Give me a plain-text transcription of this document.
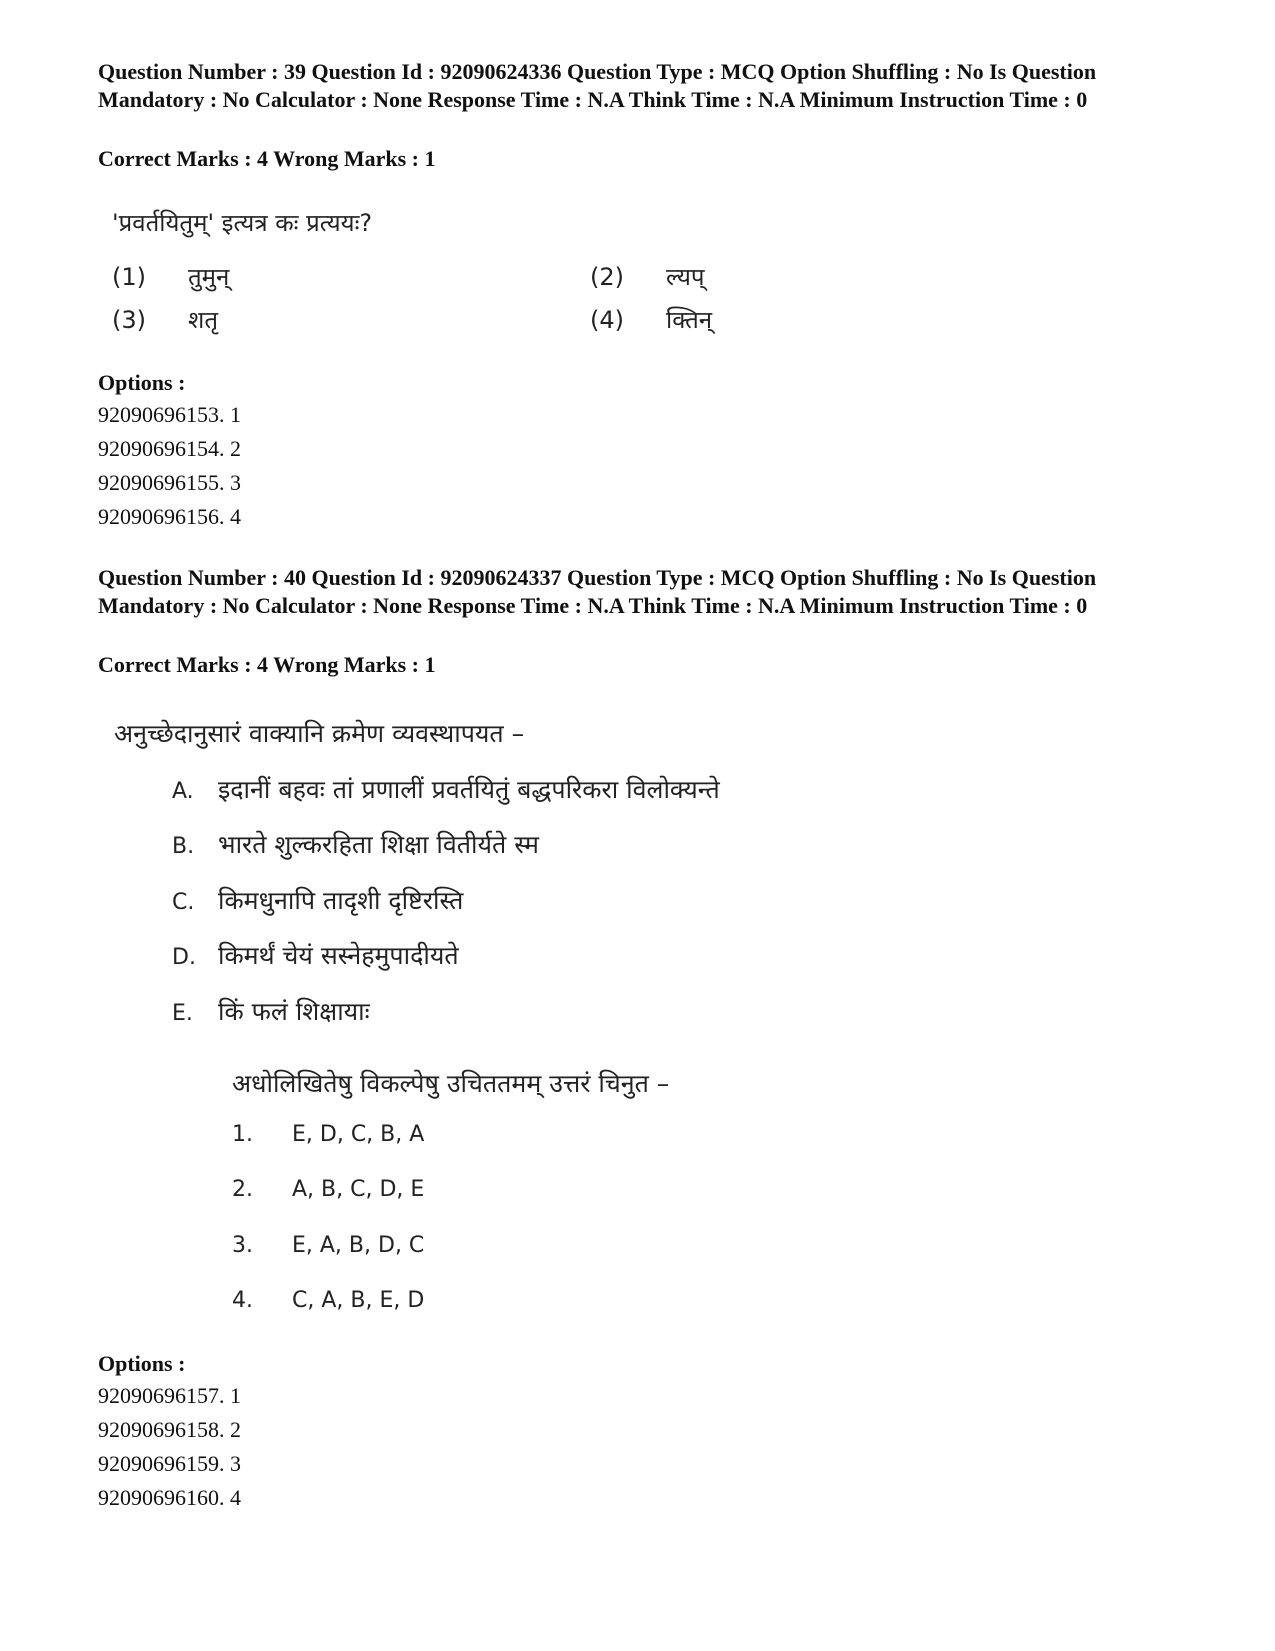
Question Number : 39 Question Id : 92090624336 Question Type : MCQ Option Shuffling : No Is Question Mandatory : No Calculator : None Response Time : N.A Think Time : N.A Minimum Instruction Time : 0

Correct Marks : 4 Wrong Marks : 1

'प्रवर्तयितुम्' इत्यत्र कः प्रत्ययः?
(1) तुमुन्	(2) ल्यप्
(3) शतृ	(4) क्तिन्

Options :

92090696153. 1
92090696154. 2
92090696155. 3
92090696156. 4

Question Number : 40 Question Id : 92090624337 Question Type : MCQ Option Shuffling : No Is Question Mandatory : No Calculator : None Response Time : N.A Think Time : N.A Minimum Instruction Time : 0

Correct Marks : 4 Wrong Marks : 1

अनुच्छेदानुसारं वाक्यानि क्रमेण व्यवस्थापयत –
A. इदानीं बहवः तां प्रणालीं प्रवर्तयितुं बद्धपरिकरा विलोक्यन्ते
B. भारते शुल्करहिता शिक्षा वितीर्यते स्म
C. किमधुनापि तादृशी दृष्टिरस्ति
D. किमर्थं चेयं सस्नेहमुपादीयते
E. किं फलं शिक्षायाः
अधोलिखितेषु विकल्पेषु उचिततमम् उत्तरं चिनुत –
1. E, D, C, B, A
2. A, B, C, D, E
3. E, A, B, D, C
4. C, A, B, E, D

Options :

92090696157. 1
92090696158. 2
92090696159. 3
92090696160. 4
